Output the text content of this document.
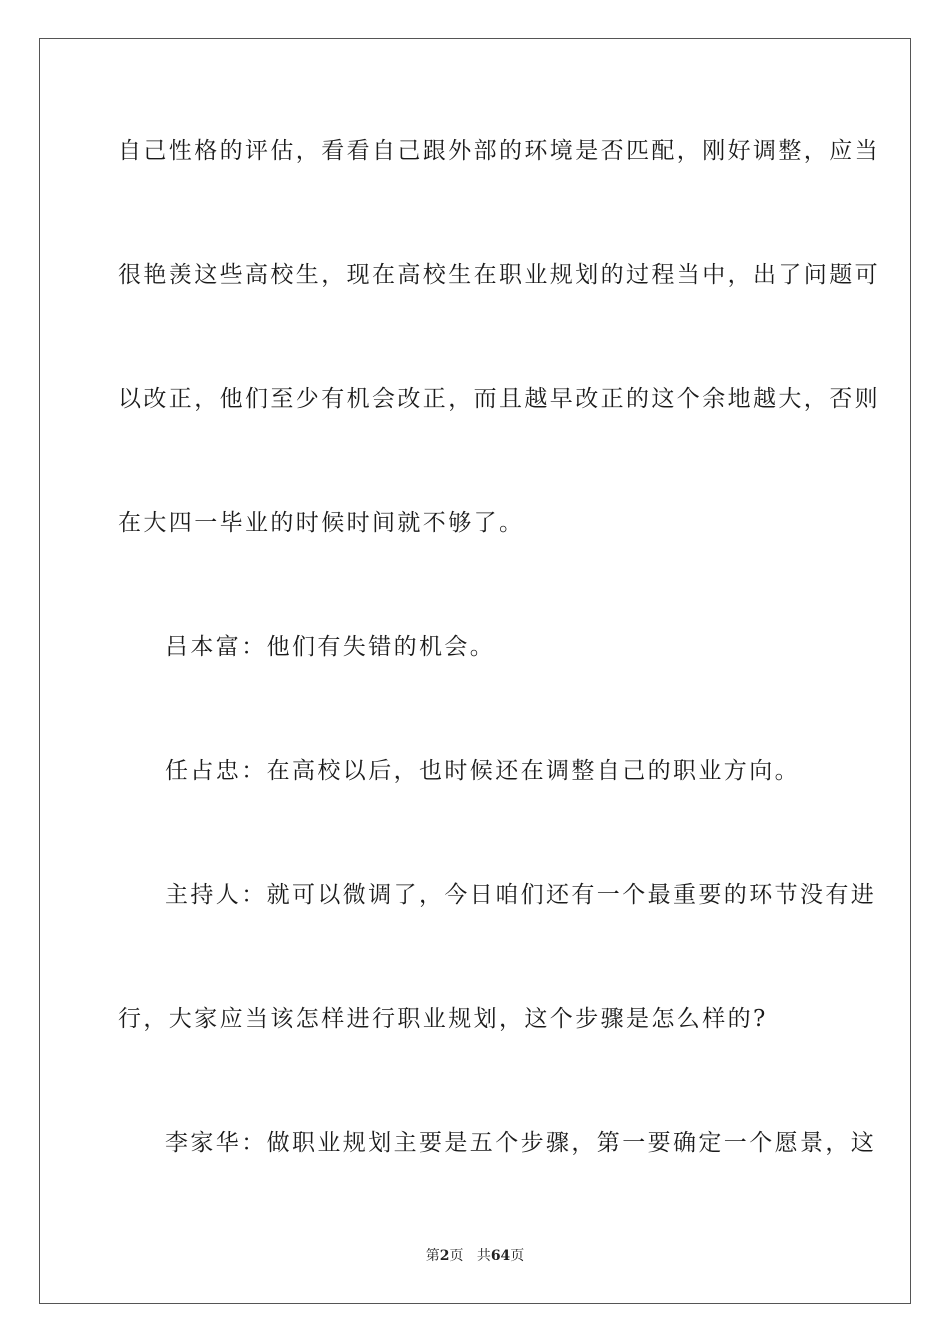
自己性格的评估，看看自己跟外部的环境是否匹配，刚好调整，应当
很艳羡这些高校生，现在高校生在职业规划的过程当中，出了问题可
以改正，他们至少有机会改正，而且越早改正的这个余地越大，否则
在大四一毕业的时候时间就不够了。
吕本富：他们有失错的机会。
任占忠：在高校以后，也时候还在调整自己的职业方向。
主持人：就可以微调了，今日咱们还有一个最重要的环节没有进
行，大家应当该怎样进行职业规划，这个步骤是怎么样的?
李家华：做职业规划主要是五个步骤，第一要确定一个愿景，这
第2页 共64页
